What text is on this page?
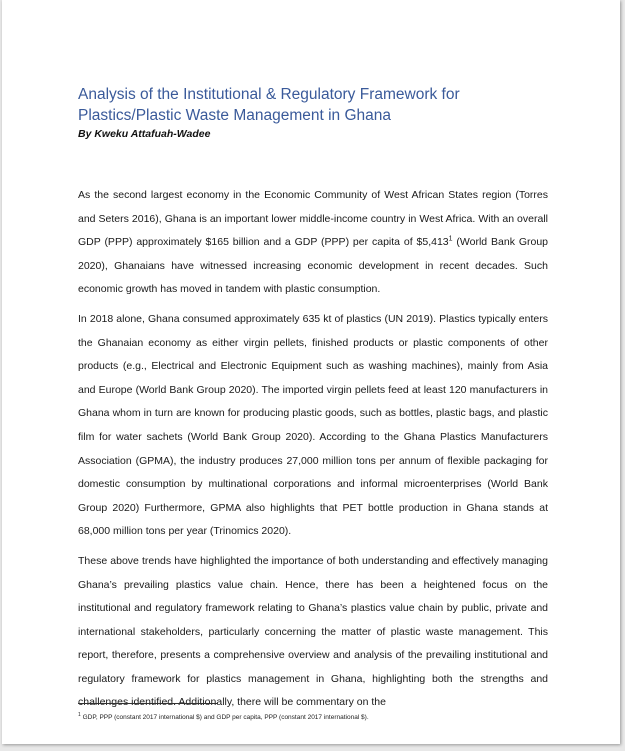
Analysis of the Institutional & Regulatory Framework for Plastics/Plastic Waste Management in Ghana
By Kweku Attafuah-Wadee

As the second largest economy in the Economic Community of West African States region (Torres and Seters 2016), Ghana is an important lower middle-income country in West Africa. With an overall GDP (PPP) approximately $165 billion and a GDP (PPP) per capita of $5,413$^1$ (World Bank Group 2020), Ghanaians have witnessed increasing economic development in recent decades. Such economic growth has moved in tandem with plastic consumption.

In 2018 alone, Ghana consumed approximately 635 kt of plastics (UN 2019). Plastics typically enters the Ghanaian economy as either virgin pellets, finished products or plastic components of other products (e.g., Electrical and Electronic Equipment such as washing machines), mainly from Asia and Europe (World Bank Group 2020). The imported virgin pellets feed at least 120 manufacturers in Ghana whom in turn are known for producing plastic goods, such as bottles, plastic bags, and plastic film for water sachets (World Bank Group 2020). According to the Ghana Plastics Manufacturers Association (GPMA), the industry produces 27,000 million tons per annum of flexible packaging for domestic consumption by multinational corporations and informal microenterprises (World Bank Group 2020) Furthermore, GPMA also highlights that PET bottle production in Ghana stands at 68,000 million tons per year (Trinomics 2020).

These above trends have highlighted the importance of both understanding and effectively managing Ghana’s prevailing plastics value chain. Hence, there has been a heightened focus on the institutional and regulatory framework relating to Ghana’s plastics value chain by public, private and international stakeholders, particularly concerning the matter of plastic waste management. This report, therefore, presents a comprehensive overview and analysis of the prevailing institutional and regulatory framework for plastics management in Ghana, highlighting both the strengths and challenges identified. Additionally, there will be commentary on the

$^1$ GDP, PPP (constant 2017 international $) and GDP per capita, PPP (constant 2017 international $).
